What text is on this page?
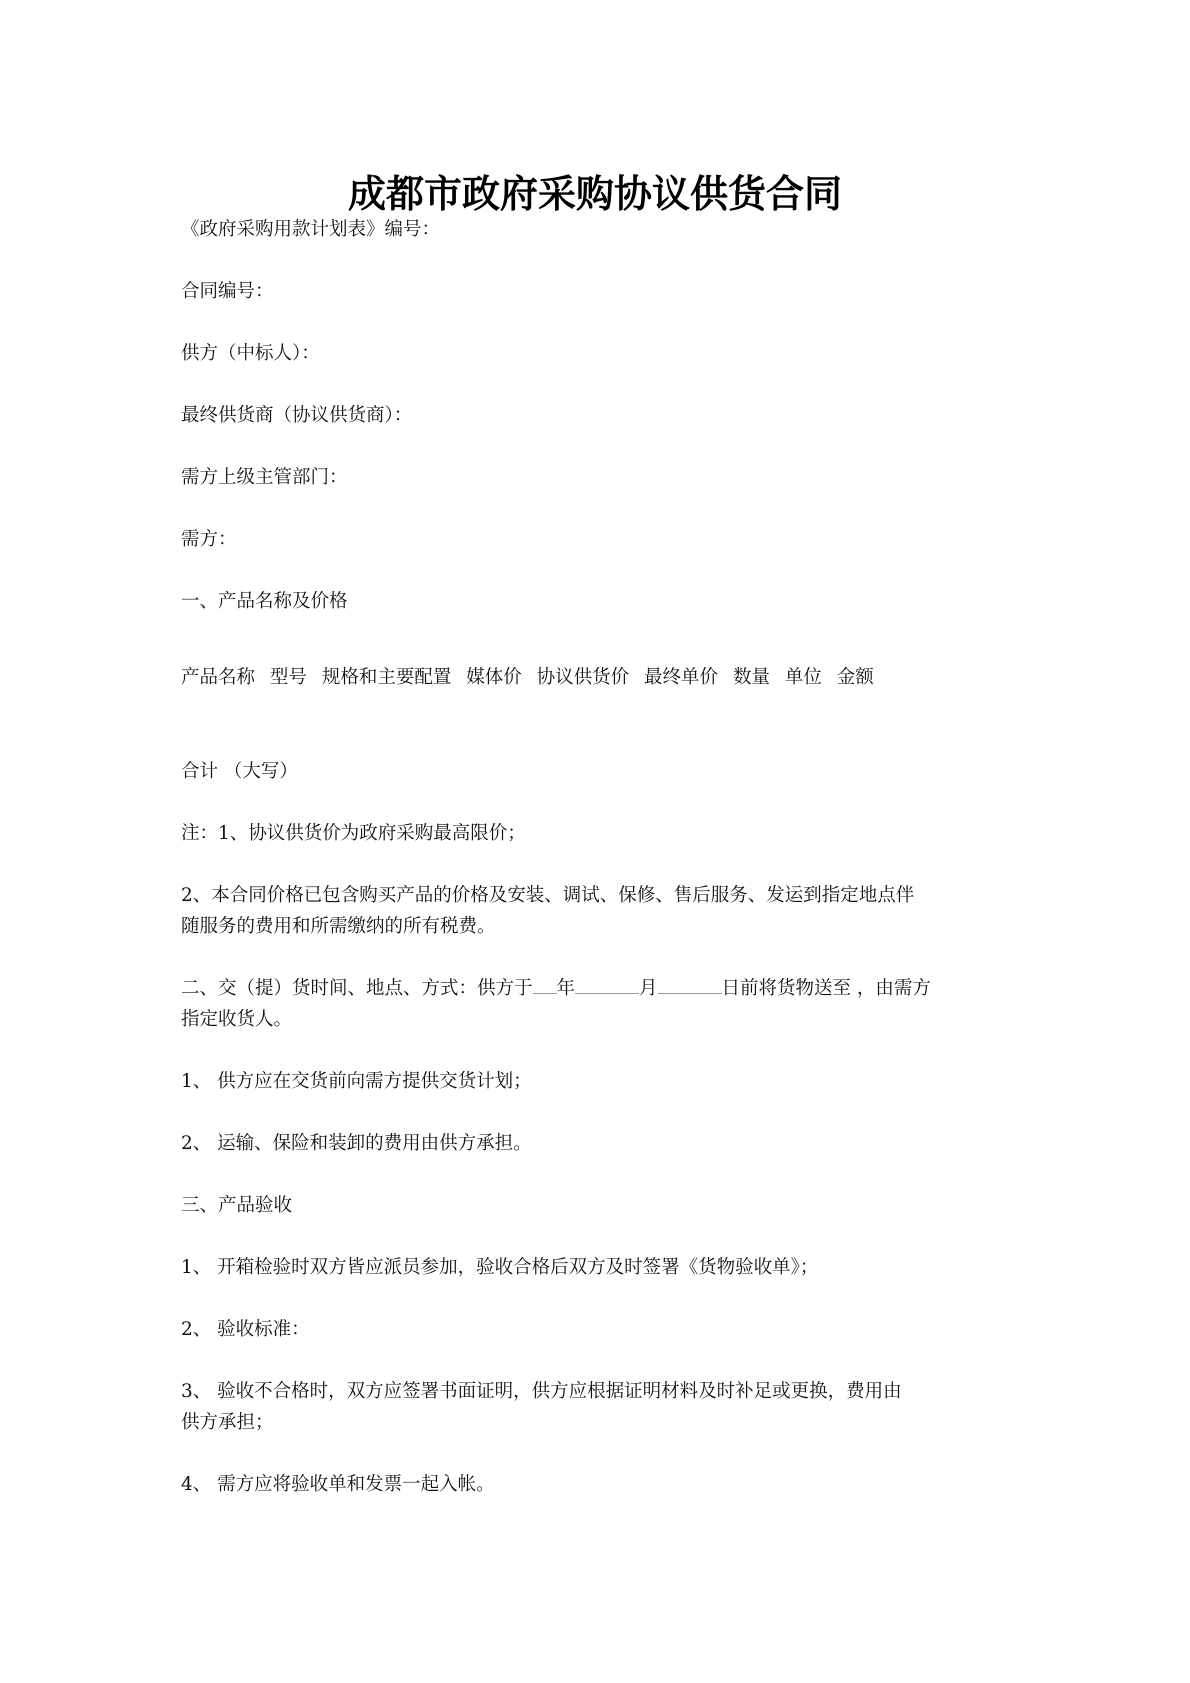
成都市政府采购协议供货合同
《政府采购用款计划表》编号：
合同编号：
供方（中标人）：
最终供货商（协议供货商）：
需方上级主管部门：
需方：
一、产品名称及价格
产品名称 型号 规格和主要配置 媒体价 协议供货价 最终单价 数量 单位 金额
合计 （大写）
注：1、协议供货价为政府采购最高限价；
2、本合同价格已包含购买产品的价格及安装、调试、保修、售后服务、发运到指定地点伴
随服务的费用和所需缴纳的所有税费。
二、交（提）货时间、地点、方式：供方于 年	月	日前将货物送至 ，由需方
指定收货人。
1、 供方应在交货前向需方提供交货计划；
2、 运输、保险和装卸的费用由供方承担。
三、产品验收
1、 开箱检验时双方皆应派员参加，验收合格后双方及时签署《货物验收单》；
2、 验收标准：
3、 验收不合格时，双方应签署书面证明，供方应根据证明材料及时补足或更换，费用由
供方承担；
4、 需方应将验收单和发票一起入帐。
